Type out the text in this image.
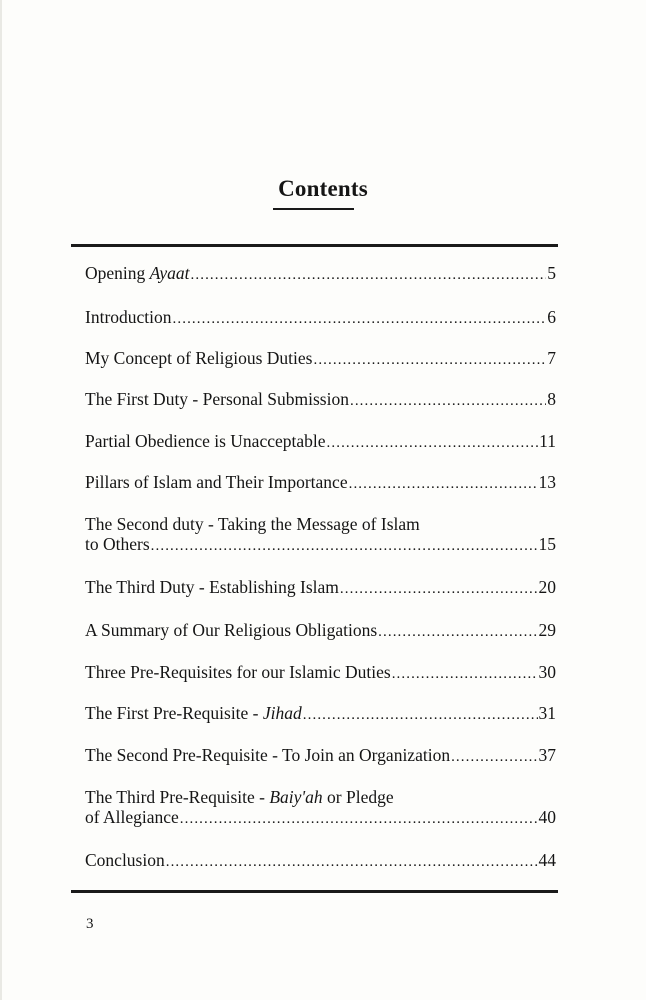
Contents
Opening Ayaat .....	5
Introduction .....	6
My Concept of Religious Duties .....	7
The First Duty - Personal Submission .....	8
Partial Obedience is Unacceptable .....	11
Pillars of Islam and Their Importance .....	13
The Second duty - Taking the Message of Islam
to Others .....	15
The Third Duty - Establishing Islam .....	20
A Summary of Our Religious Obligations .....	29
Three Pre-Requisites for our Islamic Duties .....	30
The First Pre-Requisite - Jihad .....	31
The Second Pre-Requisite - To Join an Organization .....	37
The Third Pre-Requisite - Baiy'ah or Pledge
of Allegiance .....	40
Conclusion .....	44
3
